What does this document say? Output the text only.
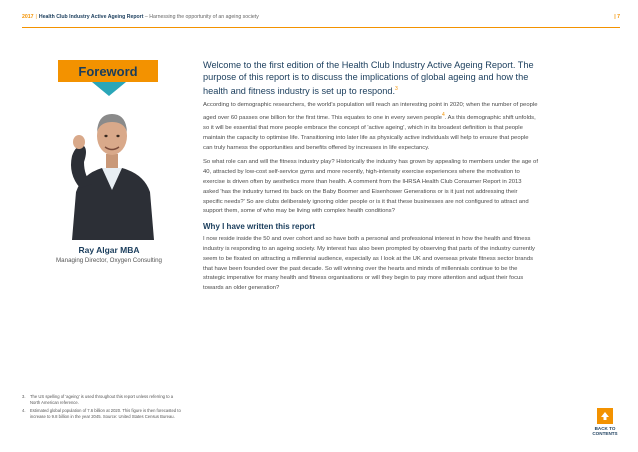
2017 | Health Club Industry Active Ageing Report – Harnessing the opportunity of an ageing society	| 7
Foreword
Ray Algar MBA
Managing Director, Oxygen Consulting

Welcome to the first edition of the Health Club Industry Active Ageing Report. The purpose of this report is to discuss the implications of global ageing and how the health and fitness industry is set up to respond.$^3$

According to demographic researchers, the world's population will reach an interesting point in 2020; when the number of people aged over 60 passes one billion for the first time. This equates to one in every seven people$^4$. As this demographic shift unfolds, so it will be essential that more people embrace the concept of 'active ageing', which in its broadest definition is that people maintain the capacity to optimise life. Transitioning into later life as physically active individuals will help to ensure that people can truly harness the opportunities and benefits offered by increases in life expectancy.

So what role can and will the fitness industry play? Historically the industry has grown by appealing to members under the age of 40, attracted by low-cost self-service gyms and more recently, high-intensity exercise experiences where the motivation to exercise is driven often by aesthetics more than health. A comment from the IHRSA Health Club Consumer Report in 2013 asked 'has the industry turned its back on the Baby Boomer and Eisenhower Generations or is it just not addressing their specific needs?' So are clubs deliberately ignoring older people or is it that these businesses are not configured to attract and support them, some of who may be living with complex health conditions?

Why I have written this report

I now reside inside the 50 and over cohort and so have both a personal and professional interest in how the health and fitness industry is responding to an ageing society. My interest has also been prompted by observing that parts of the industry currently seem to be fixated on attracting a millennial audience, especially as I look at the UK and overseas private fitness sector brands that have been founded over the past decade. So will winning over the hearts and minds of millennials continue to be the strategic imperative for many health and fitness organisations or will they begin to pay more attention and adjust their focus towards an older generation?

3.	The US spelling of 'ageing' is used throughout this report unless referring to a North American reference.
4.	Estimated global population of 7.6 billion at 2020. This figure is then forecasted to increase to 9.8 billion in the year 2045. Source: United States Census Bureau.
BACK TO
CONTENTS
